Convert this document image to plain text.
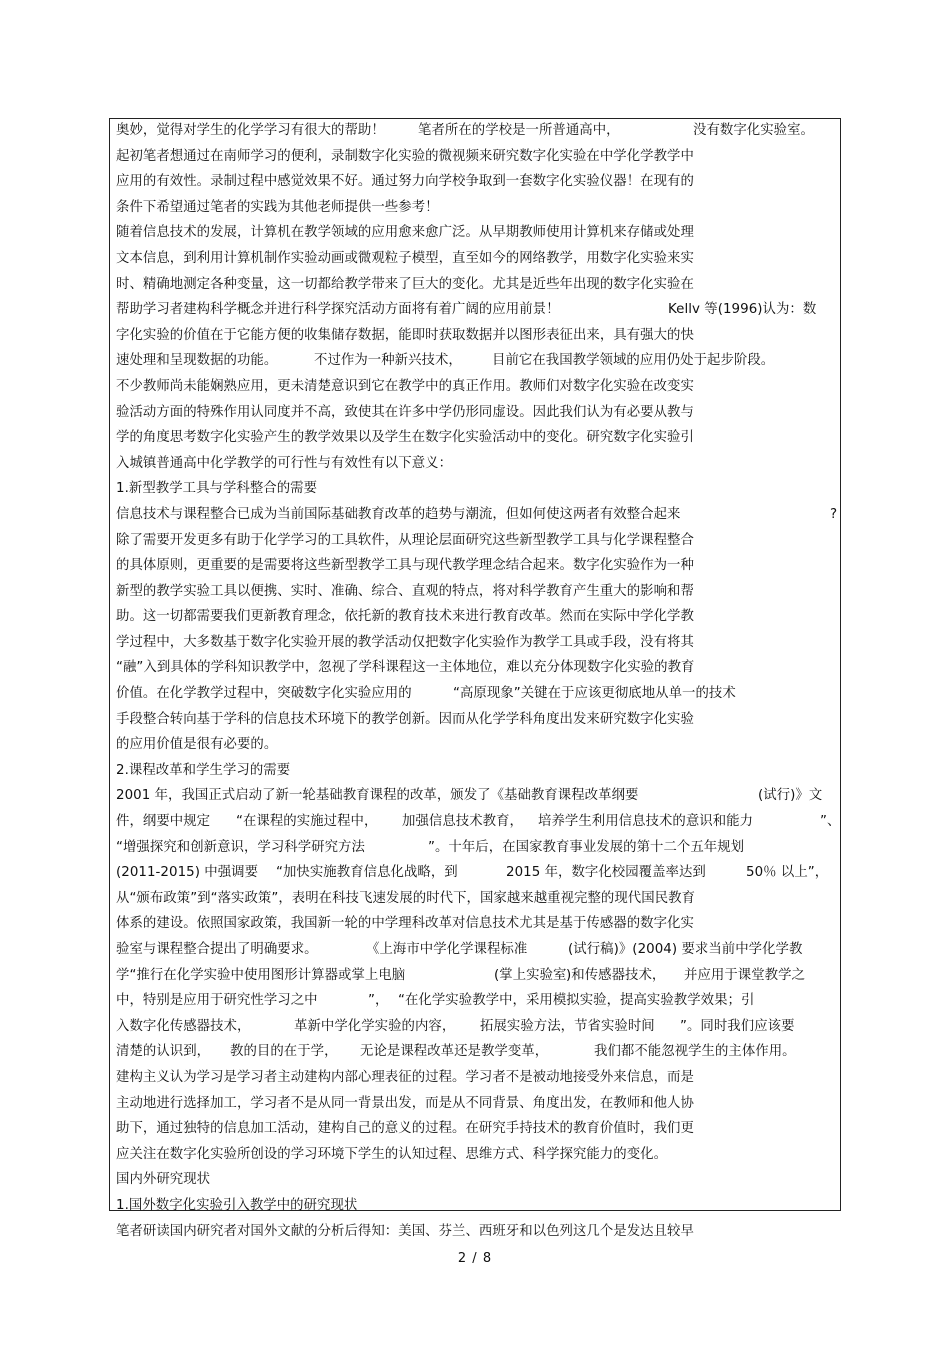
奥妙，觉得对学生的化学学习有很大的帮助！ 笔者所在的学校是一所普通高中，	没有数字化实验室。
起初笔者想通过在南师学习的便利，录制数字化实验的微视频来研究数字化实验在中学化学教学中
应用的有效性。录制过程中感觉效果不好。通过努力向学校争取到一套数字化实验仪器！在现有的
条件下希望通过笔者的实践为其他老师提供一些参考！
随着信息技术的发展，计算机在教学领域的应用愈来愈广泛。从早期教师使用计算机来存储或处理
文本信息，到利用计算机制作实验动画或微观粒子模型，直至如今的网络教学，用数字化实验来实
时、精确地测定各种变量，这一切都给教学带来了巨大的变化。尤其是近些年出现的数字化实验在
帮助学习者建构科学概念并进行科学探究活动方面将有着广阔的应用前景！	Kellv 等(1996)认为：数
字化实验的价值在于它能方便的收集储存数据，能即时获取数据并以图形表征出来，具有强大的快
速处理和呈现数据的功能。	不过作为一种新兴技术， 目前它在我国教学领域的应用仍处于起步阶段。
不少教师尚未能娴熟应用，更未清楚意识到它在教学中的真正作用。教师们对数字化实验在改变实
验活动方面的特殊作用认同度并不高，致使其在许多中学仍形同虚设。因此我们认为有必要从教与
学的角度思考数字化实验产生的教学效果以及学生在数字化实验活动中的变化。研究数字化实验引
入城镇普通高中化学教学的可行性与有效性有以下意义：
1.新型教学工具与学科整合的需要
信息技术与课程整合已成为当前国际基础教育改革的趋势与潮流，但如何使这两者有效整合起来	?
除了需要开发更多有助于化学学习的工具软件，从理论层面研究这些新型教学工具与化学课程整合
的具体原则，更重要的是需要将这些新型教学工具与现代教学理念结合起来。数字化实验作为一种
新型的教学实验工具以便携、实时、准确、综合、直观的特点，将对科学教育产生重大的影响和帮
助。这一切都需要我们更新教育理念，依托新的教育技术来进行教育改革。然而在实际中学化学教
学过程中，大多数基于数字化实验开展的教学活动仅把数字化实验作为教学工具或手段，没有将其
“融”入到具体的学科知识教学中，忽视了学科课程这一主体地位，难以充分体现数字化实验的教育
价值。在化学教学过程中，突破数字化实验应用的	“高原现象”关键在于应该更彻底地从单一的技术
手段整合转向基于学科的信息技术环境下的教学创新。因而从化学学科角度出发来研究数字化实验
的应用价值是很有必要的。
2.课程改革和学生学习的需要
2001 年，我国正式启动了新一轮基础教育课程的改革，颁发了《基础教育课程改革纲要	(试行)》文
件，纲要中规定 “在课程的实施过程中， 加强信息技术教育， 培养学生利用信息技术的意识和能力	”、
“增强探究和创新意识，学习科学研究方法	”。十年后，在国家教育事业发展的第十二个五年规划
(2011-2015) 中强调要 “加快实施教育信息化战略，到	2015 年，数字化校园覆盖率达到	50％ 以上”，
从“颁布政策”到“落实政策”，表明在科技飞速发展的时代下，国家越来越重视完整的现代国民教育
体系的建设。依照国家政策，我国新一轮的中学理科改革对信息技术尤其是基于传感器的数字化实
验室与课程整合提出了明确要求。	《上海市中学化学课程标准	(试行稿)》(2004) 要求当前中学化学教
学“推行在化学实验中使用图形计算器或掌上电脑	(掌上实验室 )和传感器技术， 并应用于课堂教学之
中，特别是应用于研究性学习之中	”， “在化学实验教学中，采用模拟实验，提高实验教学效果；引
入数字化传感器技术，	革新中学化学实验的内容， 拓展实验方法，节省实验时间 ”。同时我们应该要
清楚的认识到， 教的目的在于学， 无论是课程改革还是教学变革，	我们都不能忽视学生的主体作用。
建构主义认为学习是学习者主动建构内部心理表征的过程。学习者不是被动地接受外来信息，而是
主动地进行选择加工，学习者不是从同一背景出发，而是从不同背景、角度出发，在教师和他人协
助下，通过独特的信息加工活动，建构自己的意义的过程。在研究手持技术的教育价值时，我们更
应关注在数字化实验所创设的学习环境下学生的认知过程、思维方式、科学探究能力的变化。
国内外研究现状
1.国外数字化实验引入教学中的研究现状
笔者研读国内研究者对国外文献的分析后得知：美国、芬兰、西班牙和以色列这几个是发达且较早
2 / 8
